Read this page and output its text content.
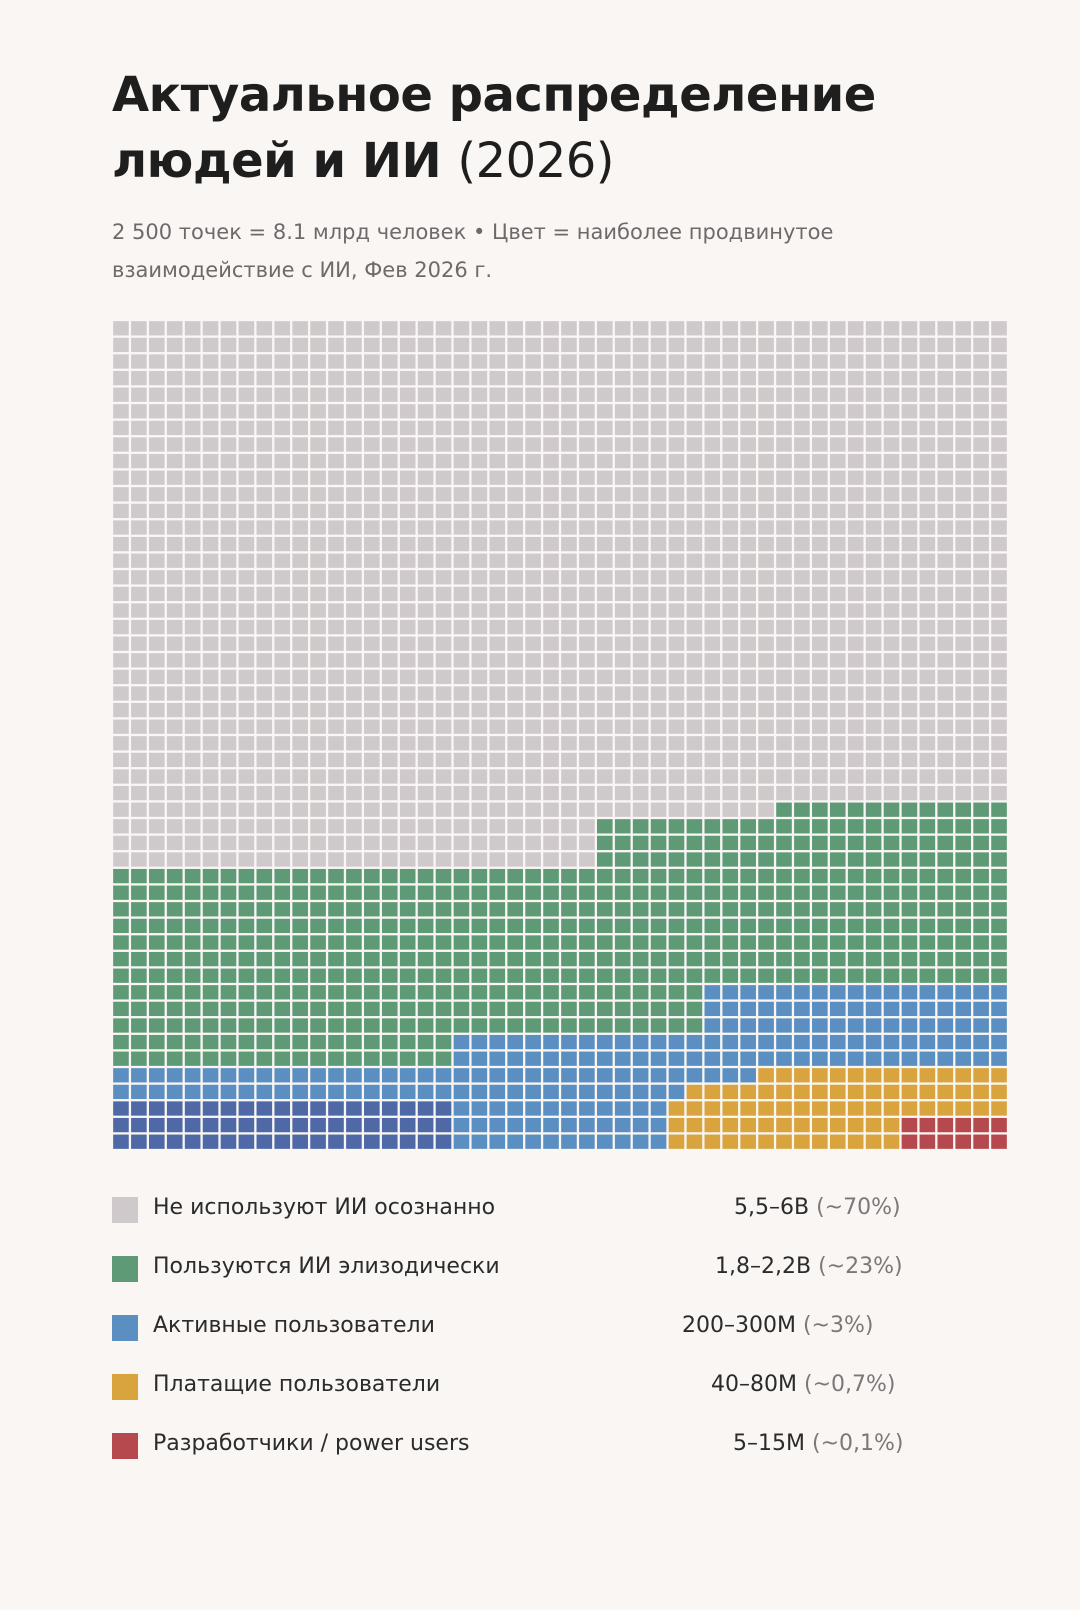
Актуальное распределение
людей и ИИ (2026)

2 500 точек = 8.1 млрд человек • Цвет = наиболее продвинутое
взаимодействие с ИИ, Фев 2026 г.

Не используют ИИ осознанно	5,5–6B (~70%)
Пользуются ИИ элизодически	1,8–2,2B (~23%)
Активные пользователи	200–300M (~3%)
Платащие пользователи	40–80M (~0,7%)
Разработчики / power users	5–15M (~0,1%)
